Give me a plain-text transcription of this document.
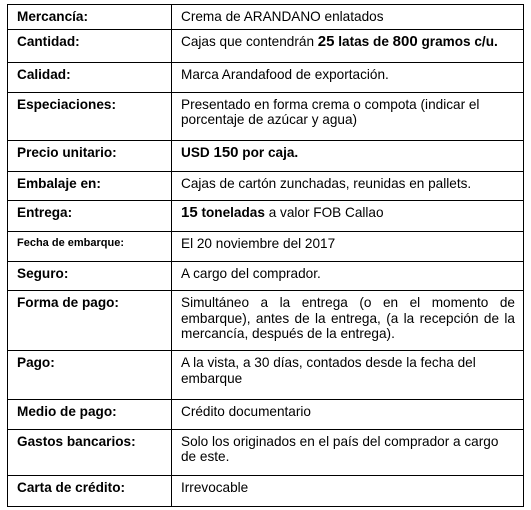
Mercancía:	Crema de ARANDANO enlatados
Cantidad:	Cajas que contendrán 25 latas de 800 gramos c/u.
Calidad:	Marca Arandafood de exportación.
Especiaciones:	Presentado en forma crema o compota (indicar el porcentaje de azúcar y agua)
Precio unitario:	USD 150 por caja.
Embalaje en:	Cajas de cartón zunchadas, reunidas en pallets.
Entrega:	15 toneladas a valor FOB Callao
Fecha de embarque:	El 20 noviembre del 2017
Seguro:	A cargo del comprador.
Forma de pago:	Simultáneo a la entrega (o en el momento de embarque), antes de la entrega, (a la recepción de la mercancía, después de la entrega).
Pago:	A la vista, a 30 días, contados desde la fecha del embarque
Medio de pago:	Crédito documentario
Gastos bancarios:	Solo los originados en el país del comprador a cargo de este.
Carta de crédito:	Irrevocable
